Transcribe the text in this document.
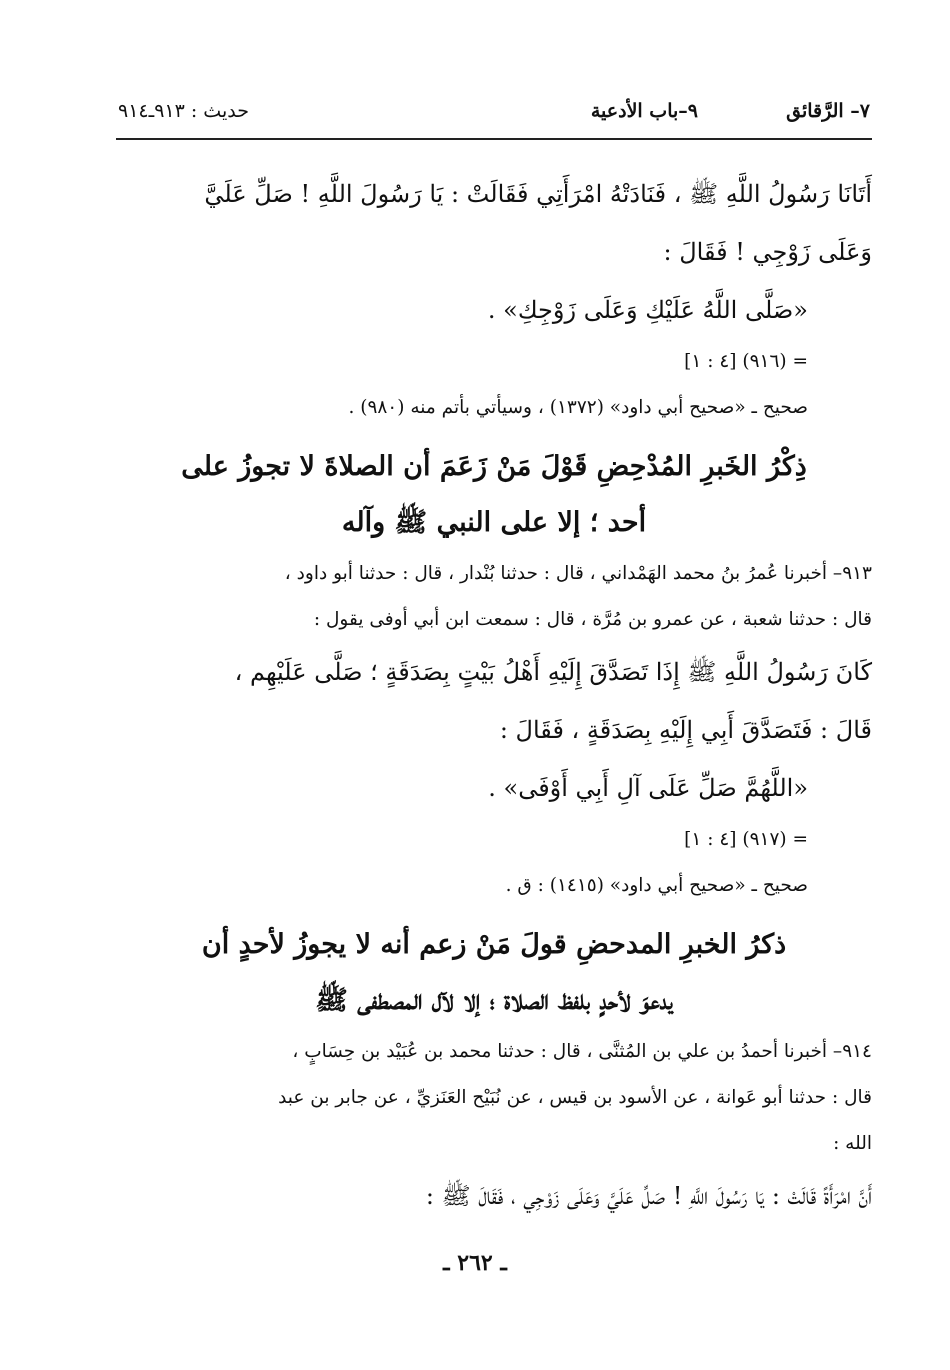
٧– الرَّقائق
٩–باب الأدعية
حديث : ٩١٣ـ٩١٤

أَتَانَا رَسُولُ اللَّهِ ﷺ ، فَنَادَتْهُ امْرَأَتِي فَقَالَتْ : يَا رَسُولَ اللَّهِ ! صَلِّ عَلَيَّ

وَعَلَى زَوْجِي ! فَقَالَ :

«صَلَّى اللَّهُ عَلَيْكِ وَعَلَى زَوْجِكِ» .

= (٩١٦) [٤ : ١]

صحيح ـ «صحيح أبي داود» (١٣٧٢) ، وسيأتي بأتم منه (٩٨٠) .

ذِكْرُ الخَبرِ المُدْحِضِ قَوْلَ مَنْ زَعَمَ أن الصلاةَ لا تجوزُ على

أحد ؛ إلا على النبي ﷺ وآله

٩١٣– أخبرنا عُمرُ بنُ محمد الهَمْداني ، قال : حدثنا بُنْدار ، قال : حدثنا أبو داود ،

قال : حدثنا شعبة ، عن عمرو بن مُرَّة ، قال : سمعت ابن أبي أوفى يقول :

كَانَ رَسُولُ اللَّهِ ﷺ إِذَا تَصَدَّقَ إِلَيْهِ أَهْلُ بَيْتٍ بِصَدَقَةٍ ؛ صَلَّى عَلَيْهِم ،

قَالَ : فَتَصَدَّقَ أَبِي إِلَيْهِ بِصَدَقَةٍ ، فَقَالَ :

«اللَّهُمَّ صَلِّ عَلَى آلِ أَبِي أَوْفَى» .

= (٩١٧) [٤ : ١]

صحيح ـ «صحيح أبي داود» (١٤١٥) : ق .

ذكرُ الخبرِ المدحضِ قولَ مَنْ زعم أنه لا يجوزُ لأحدٍ أن

يدعوَ لأحدٍ بلفظ الصلاة ؛ إلا لآل المصطفى ﷺ

٩١٤– أخبرنا أحمدُ بن علي بن المُثنَّى ، قال : حدثنا محمد بن عُبَيْد بن حِسَابٍ ،

قال : حدثنا أبو عَوانة ، عن الأسود بن قيس ، عن نُبَيْح العَنَزيِّ ، عن جابر بن عبد

الله :

أَنَّ امْرَأَةً قَالَتْ : يَا رَسُولَ اللَّهِ ! صَلِّ عَلَيَّ وَعَلَى زَوْجِي ، فَقَالَ ﷺ :

ـ ٢٦٢ ـ
